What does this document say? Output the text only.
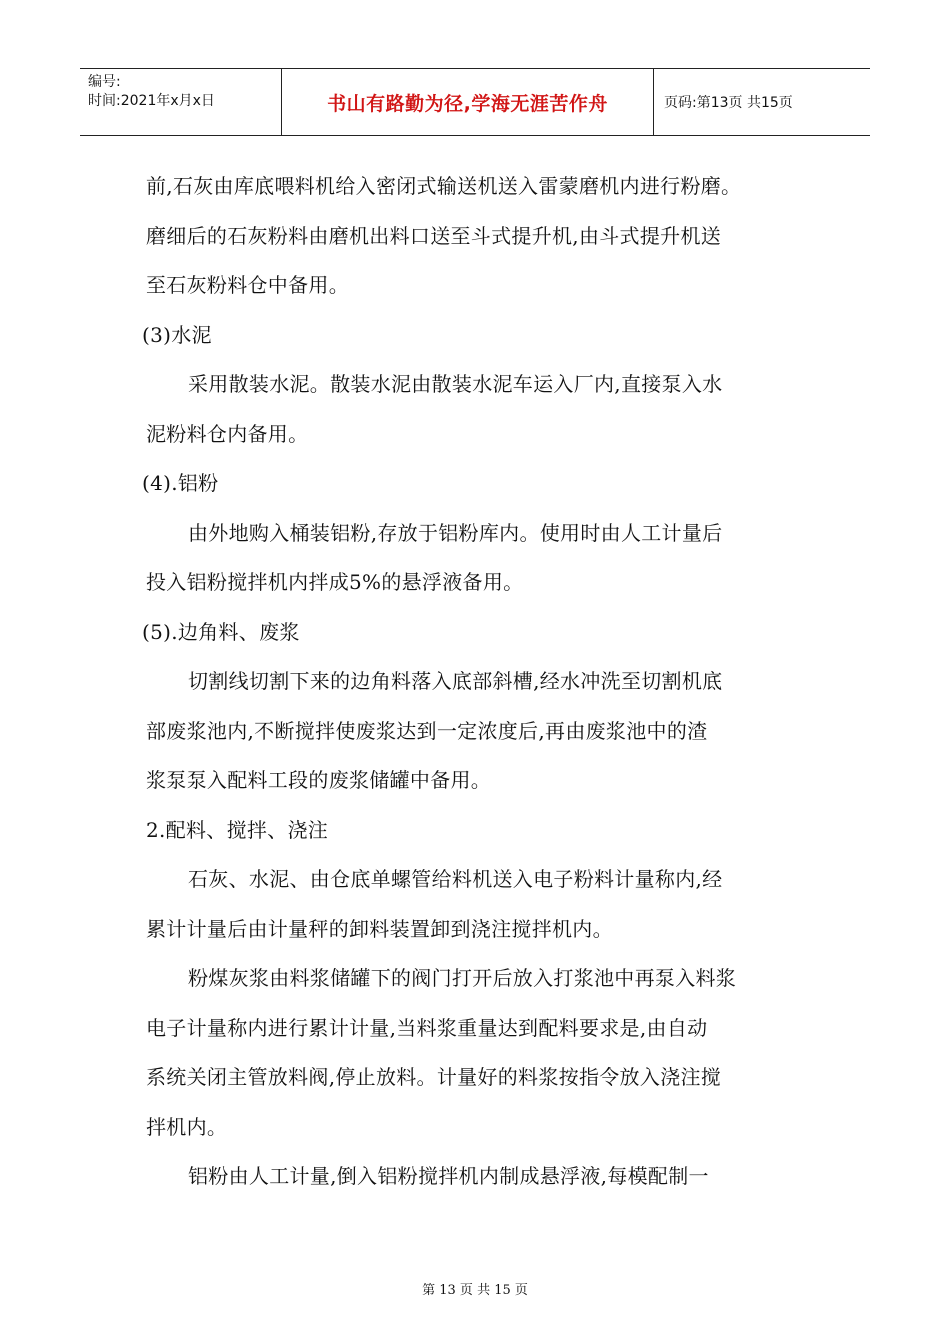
编号:
时间:2021年x月x日	书山有路勤为径,学海无涯苦作舟	页码:第13页 共15页

前,石灰由库底喂料机给入密闭式输送机送入雷蒙磨机内进行粉磨。

磨细后的石灰粉料由磨机出料口送至斗式提升机,由斗式提升机送

至石灰粉料仓中备用。

(3)水泥

采用散装水泥。散装水泥由散装水泥车运入厂内,直接泵入水

泥粉料仓内备用。

(4).铝粉

由外地购入桶装铝粉,存放于铝粉库内。使用时由人工计量后

投入铝粉搅拌机内拌成5%的悬浮液备用。

(5).边角料、废浆

切割线切割下来的边角料落入底部斜槽,经水冲洗至切割机底

部废浆池内,不断搅拌使废浆达到一定浓度后,再由废浆池中的渣

浆泵泵入配料工段的废浆储罐中备用。

2.配料、搅拌、浇注

石灰、水泥、由仓底单螺管给料机送入电子粉料计量称内,经

累计计量后由计量秤的卸料装置卸到浇注搅拌机内。

粉煤灰浆由料浆储罐下的阀门打开后放入打浆池中再泵入料浆

电子计量称内进行累计计量,当料浆重量达到配料要求是,由自动

系统关闭主管放料阀,停止放料。计量好的料浆按指令放入浇注搅

拌机内。

铝粉由人工计量,倒入铝粉搅拌机内制成悬浮液,每模配制一

第 13 页 共 15 页
